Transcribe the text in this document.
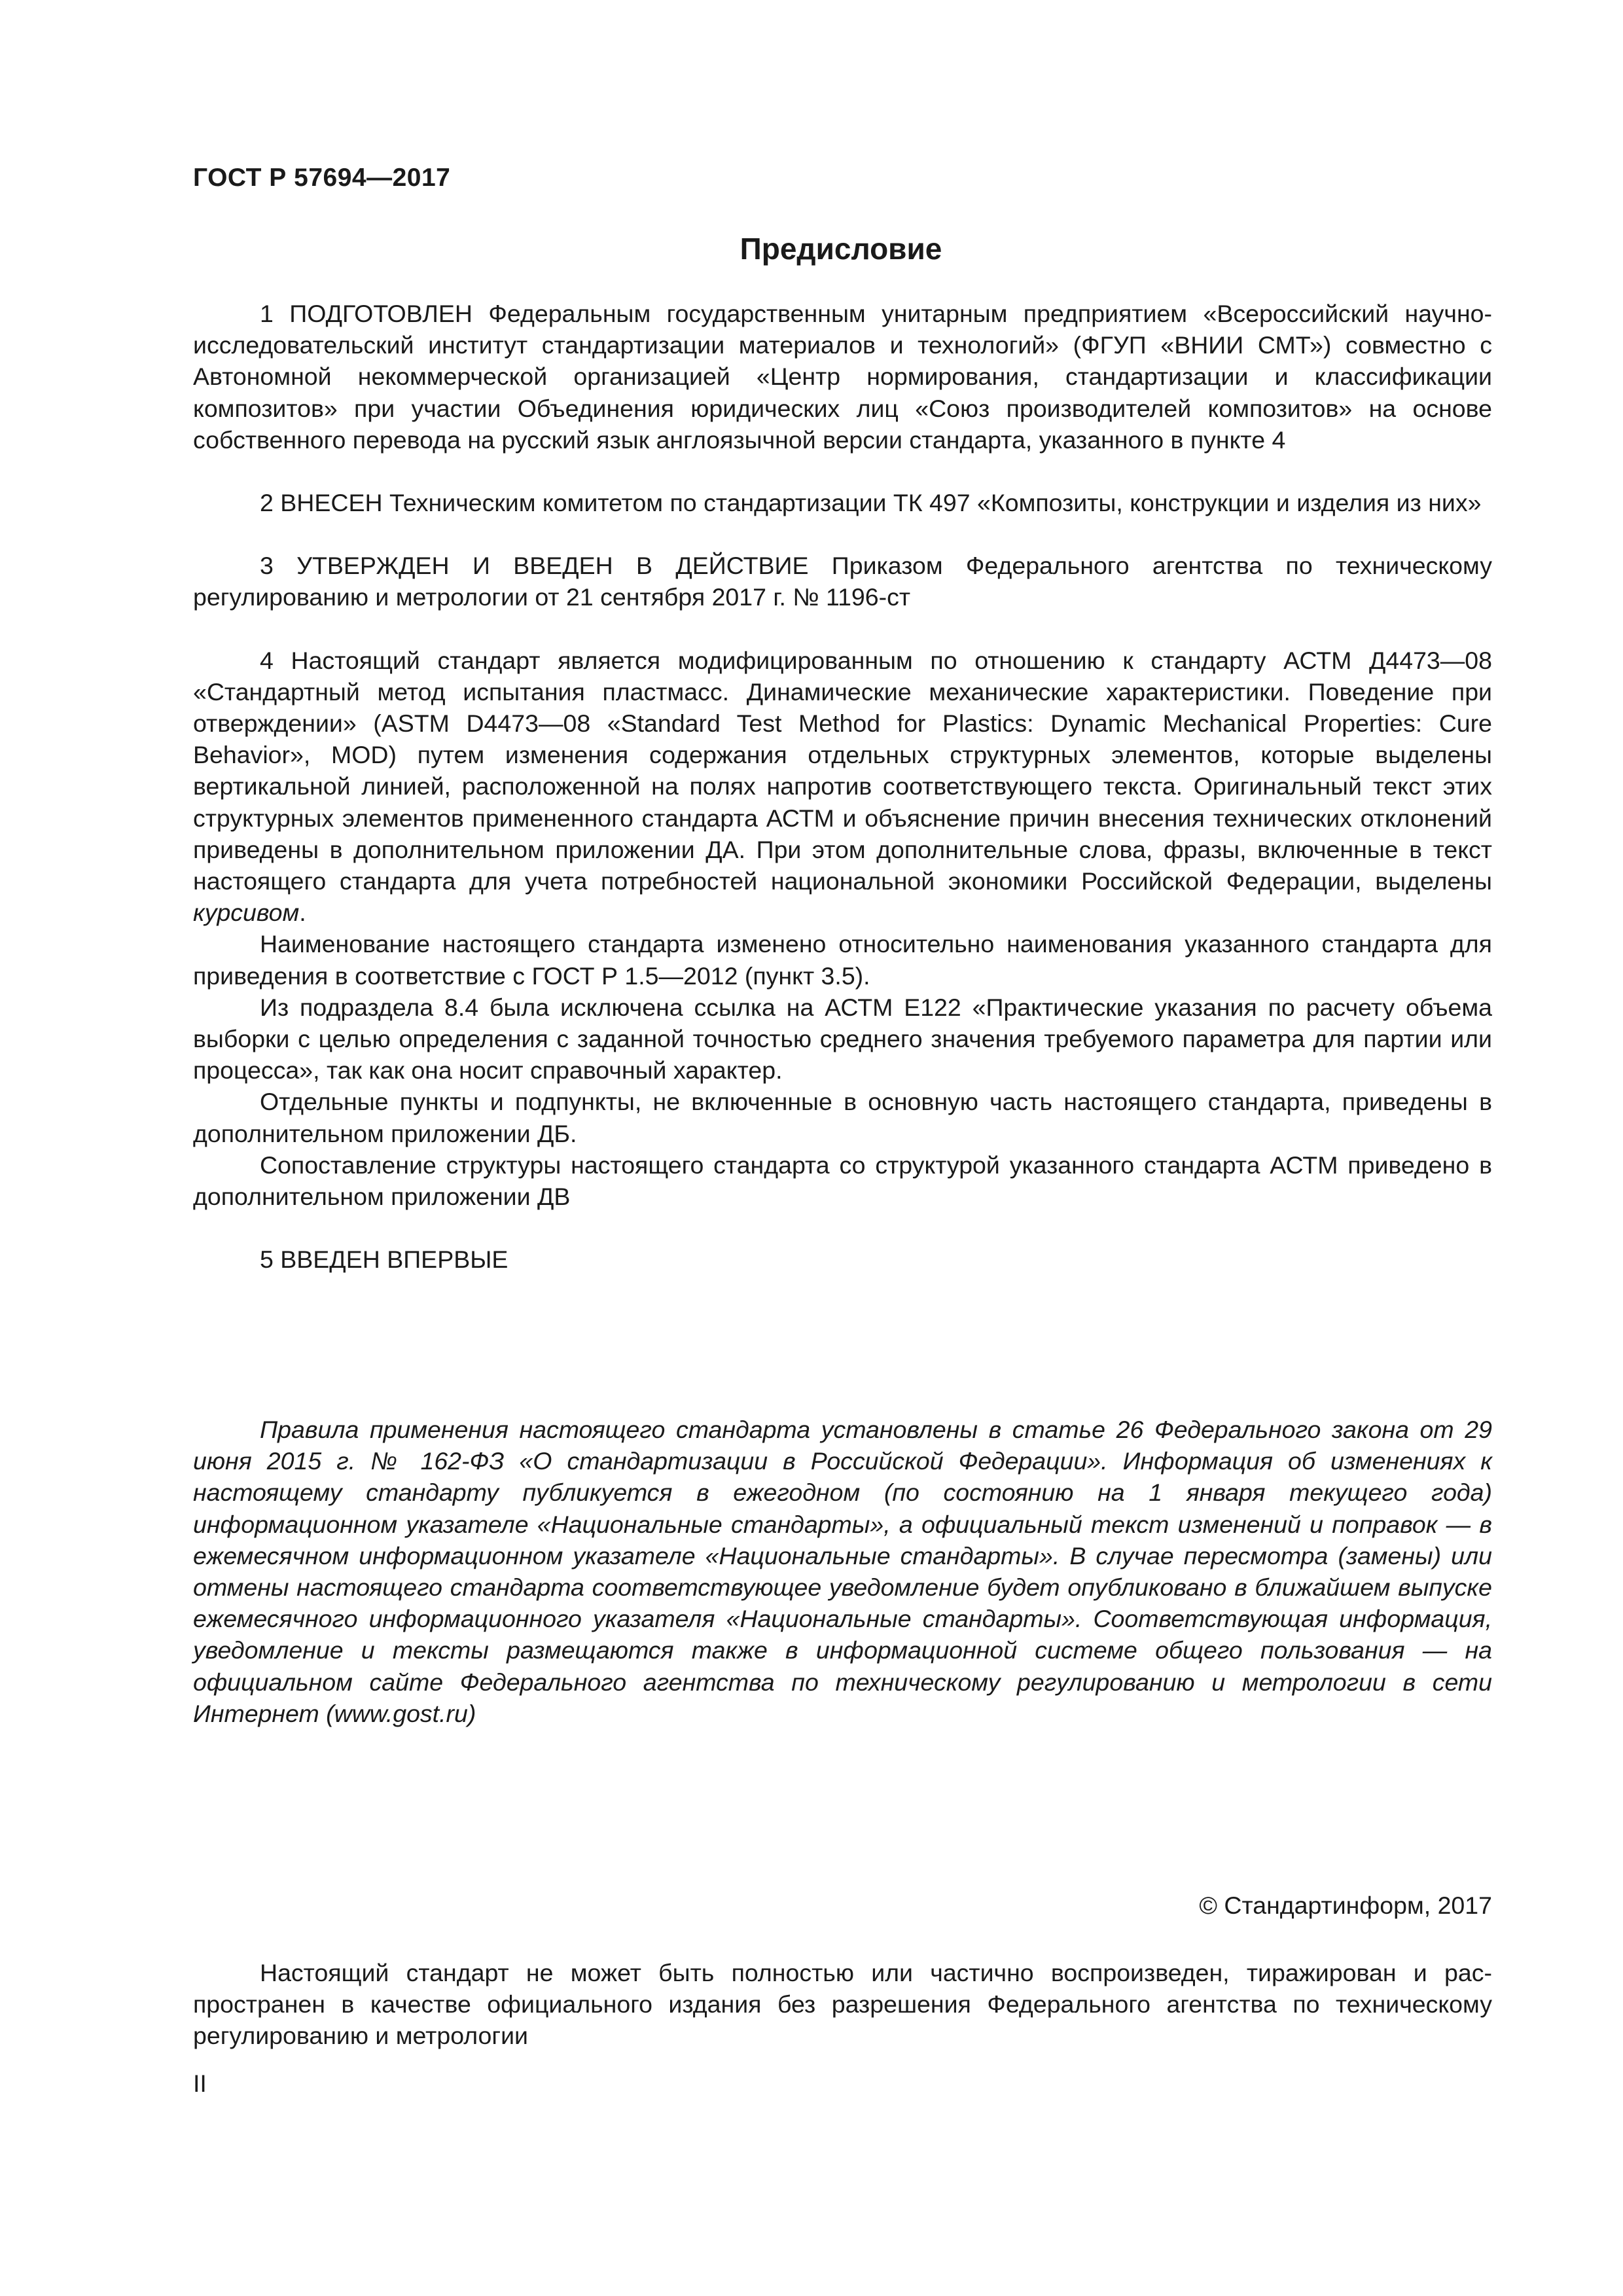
ГОСТ Р 57694—2017
Предисловие

1 ПОДГОТОВЛЕН Федеральным государственным унитарным предприятием «Всероссийский научно-исследовательский институт стандартизации материалов и технологий» (ФГУП «ВНИИ СМТ») совместно с Автономной некоммерческой организацией «Центр нормирования, стандартизации и классификации композитов» при участии Объединения юридических лиц «Союз производителей композитов» на основе собственного перевода на русский язык англоязычной версии стандарта, указанного в пункте 4

2 ВНЕСЕН Техническим комитетом по стандартизации ТК 497 «Композиты, конструкции и изделия из них»

3 УТВЕРЖДЕН И ВВЕДЕН В ДЕЙСТВИЕ Приказом Федерального агентства по техническому регулированию и метрологии от 21 сентября 2017 г. № 1196-ст

4 Настоящий стандарт является модифицированным по отношению к стандарту АСТМ Д4473—08 «Стандартный метод испытания пластмасс. Динамические механические характеристики. Поведение при отверждении» (ASTM D4473—08 «Standard Test Method for Plastics: Dynamic Mechanical Properties: Cure Behavior», MOD) путем изменения содержания отдельных структурных элементов, которые выделены вертикальной линией, расположенной на полях напротив соответствующего текста. Оригинальный текст этих структурных элементов примененного стандарта АСТМ и объяснение причин внесения технических отклонений приведены в дополнительном приложении ДА. При этом дополнительные слова, фразы, включенные в текст настоящего стандарта для учета потребностей национальной экономики Российской Федерации, выделены курсивом.

Наименование настоящего стандарта изменено относительно наименования указанного стандарта для приведения в соответствие с ГОСТ Р 1.5—2012 (пункт 3.5).

Из подраздела 8.4 была исключена ссылка на АСТМ Е122 «Практические указания по расчету объема выборки с целью определения с заданной точностью среднего значения требуемого параметра для партии или процесса», так как она носит справочный характер.

Отдельные пункты и подпункты, не включенные в основную часть настоящего стандарта, приведены в дополнительном приложении ДБ.

Сопоставление структуры настоящего стандарта со структурой указанного стандарта АСТМ приведено в дополнительном приложении ДВ

5 ВВЕДЕН ВПЕРВЫЕ

Правила применения настоящего стандарта установлены в статье 26 Федерального закона от 29 июня 2015 г. № 162-ФЗ «О стандартизации в Российской Федерации». Информация об изменениях к настоящему стандарту публикуется в ежегодном (по состоянию на 1 января текущего года) информационном указателе «Национальные стандарты», а официальный текст изменений и поправок — в ежемесячном информационном указателе «Национальные стандарты». В случае пересмотра (замены) или отмены настоящего стандарта соответствующее уведомление будет опубликовано в ближайшем выпуске ежемесячного информационного указателя «Национальные стандарты». Соответствующая информация, уведомление и тексты размещаются также в информационной системе общего пользования — на официальном сайте Федерального агентства по техническому регулированию и метрологии в сети Интернет (www.gost.ru)
© Стандартинформ, 2017
Настоящий стандарт не может быть полностью или частично воспроизведен, тиражирован и распространен в качестве официального издания без разрешения Федерального агентства по техническому регулированию и метрологии
II
